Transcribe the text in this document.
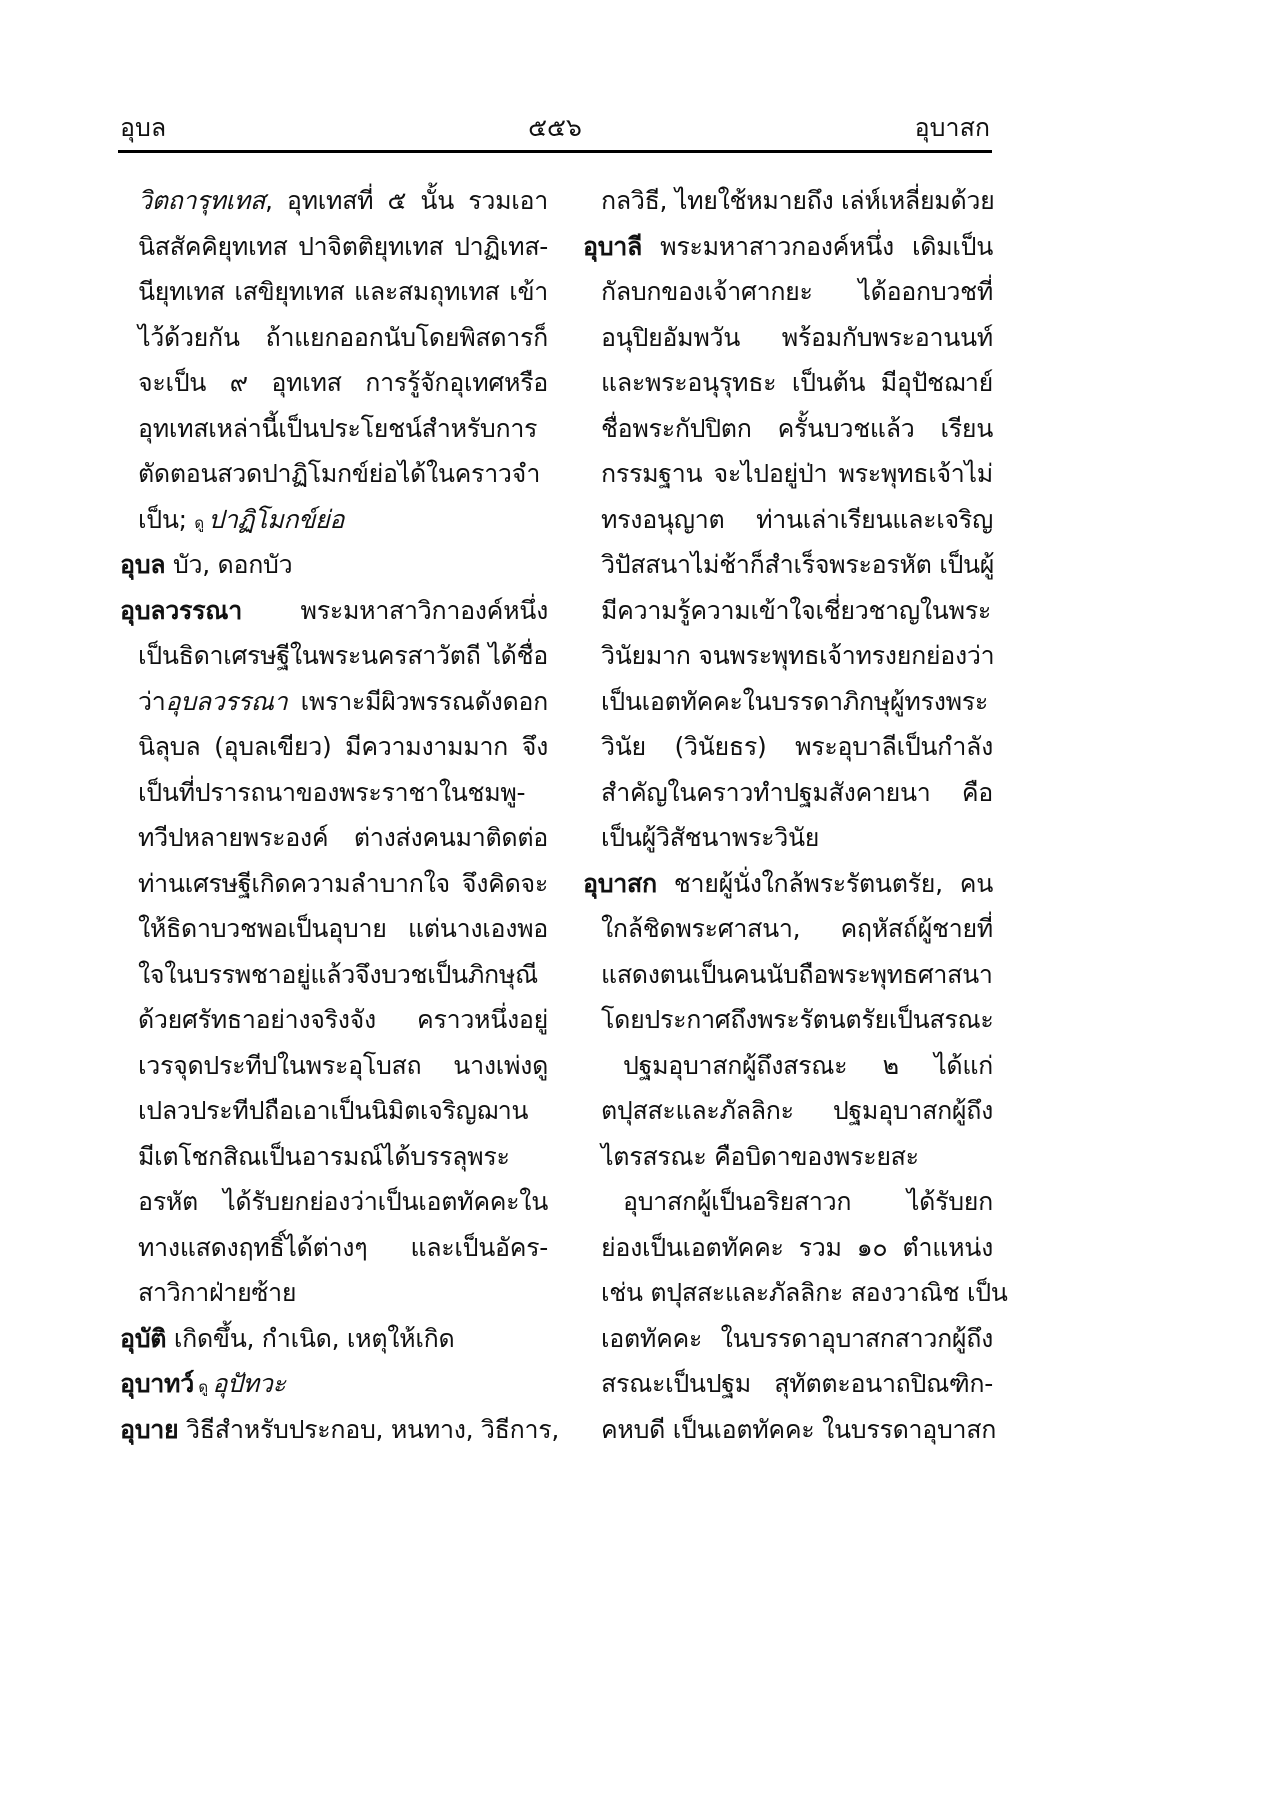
อุบล	๕๕๖	อุบาสก
วิตถารุทเทส, อุทเทสที่ ๕ นั้น รวมเอา
นิสสัคคิยุทเทส ปาจิตติยุทเทส ปาฏิเทส-
นียุทเทส เสขิยุทเทส และสมถุทเทส เข้า
ไว้ด้วยกัน ถ้าแยกออกนับโดยพิสดารก็
จะเป็น ๙ อุทเทส การรู้จักอุเทศหรือ
อุทเทสเหล่านี้เป็นประโยชน์สำหรับการ
ตัดตอนสวดปาฏิโมกข์ย่อได้ในคราวจำ
เป็น; ดู ปาฏิโมกข์ย่อ
อุบล บัว, ดอกบัว
อุบลวรรณา พระมหาสาวิกาองค์หนึ่ง
เป็นธิดาเศรษฐีในพระนครสาวัตถี ได้ชื่อ
ว่าอุบลวรรณา เพราะมีผิวพรรณดังดอก
นิลุบล (อุบลเขียว) มีความงามมาก จึง
เป็นที่ปรารถนาของพระราชาในชมพู-
ทวีปหลายพระองค์ ต่างส่งคนมาติดต่อ
ท่านเศรษฐีเกิดความลำบากใจ จึงคิดจะ
ให้ธิดาบวชพอเป็นอุบาย แต่นางเองพอ
ใจในบรรพชาอยู่แล้วจึงบวชเป็นภิกษุณี
ด้วยศรัทธาอย่างจริงจัง คราวหนึ่งอยู่
เวรจุดประทีปในพระอุโบสถ นางเพ่งดู
เปลวประทีปถือเอาเป็นนิมิตเจริญฌาน
มีเตโชกสิณเป็นอารมณ์ได้บรรลุพระ
อรหัต ได้รับยกย่องว่าเป็นเอตทัคคะใน
ทางแสดงฤทธิ์ได้ต่างๆ และเป็นอัคร-
สาวิกาฝ่ายซ้าย
อุบัติ เกิดขึ้น, กำเนิด, เหตุให้เกิด
อุบาทว์ ดู อุปัทวะ
อุบาย วิธีสำหรับประกอบ, หนทาง, วิธีการ,
กลวิธี, ไทยใช้หมายถึง เล่ห์เหลี่ยมด้วย
อุบาลี พระมหาสาวกองค์หนึ่ง เดิมเป็น
กัลบกของเจ้าศากยะ ได้ออกบวชที่
อนุปิยอัมพวัน พร้อมกับพระอานนท์
และพระอนุรุทธะ เป็นต้น มีอุปัชฌาย์
ชื่อพระกัปปิตก ครั้นบวชแล้ว เรียน
กรรมฐาน จะไปอยู่ป่า พระพุทธเจ้าไม่
ทรงอนุญาต ท่านเล่าเรียนและเจริญ
วิปัสสนาไม่ช้าก็สำเร็จพระอรหัต เป็นผู้
มีความรู้ความเข้าใจเชี่ยวชาญในพระ
วินัยมาก จนพระพุทธเจ้าทรงยกย่องว่า
เป็นเอตทัคคะในบรรดาภิกษุผู้ทรงพระ
วินัย (วินัยธร) พระอุบาลีเป็นกำลัง
สำคัญในคราวทำปฐมสังคายนา คือ
เป็นผู้วิสัชนาพระวินัย
อุบาสก ชายผู้นั่งใกล้พระรัตนตรัย, คน
ใกล้ชิดพระศาสนา, คฤหัสถ์ผู้ชายที่
แสดงตนเป็นคนนับถือพระพุทธศาสนา
โดยประกาศถึงพระรัตนตรัยเป็นสรณะ
ปฐมอุบาสกผู้ถึงสรณะ ๒ ได้แก่
ตปุสสะและภัลลิกะ ปฐมอุบาสกผู้ถึง
ไตรสรณะ คือบิดาของพระยสะ
อุบาสกผู้เป็นอริยสาวก ได้รับยก
ย่องเป็นเอตทัคคะ รวม ๑๐ ตำแหน่ง
เช่น ตปุสสะและภัลลิกะ สองวาณิช เป็น
เอตทัคคะ ในบรรดาอุบาสกสาวกผู้ถึง
สรณะเป็นปฐม สุทัตตะอนาถปิณฑิก-
คหบดี เป็นเอตทัคคะ ในบรรดาอุบาสก
